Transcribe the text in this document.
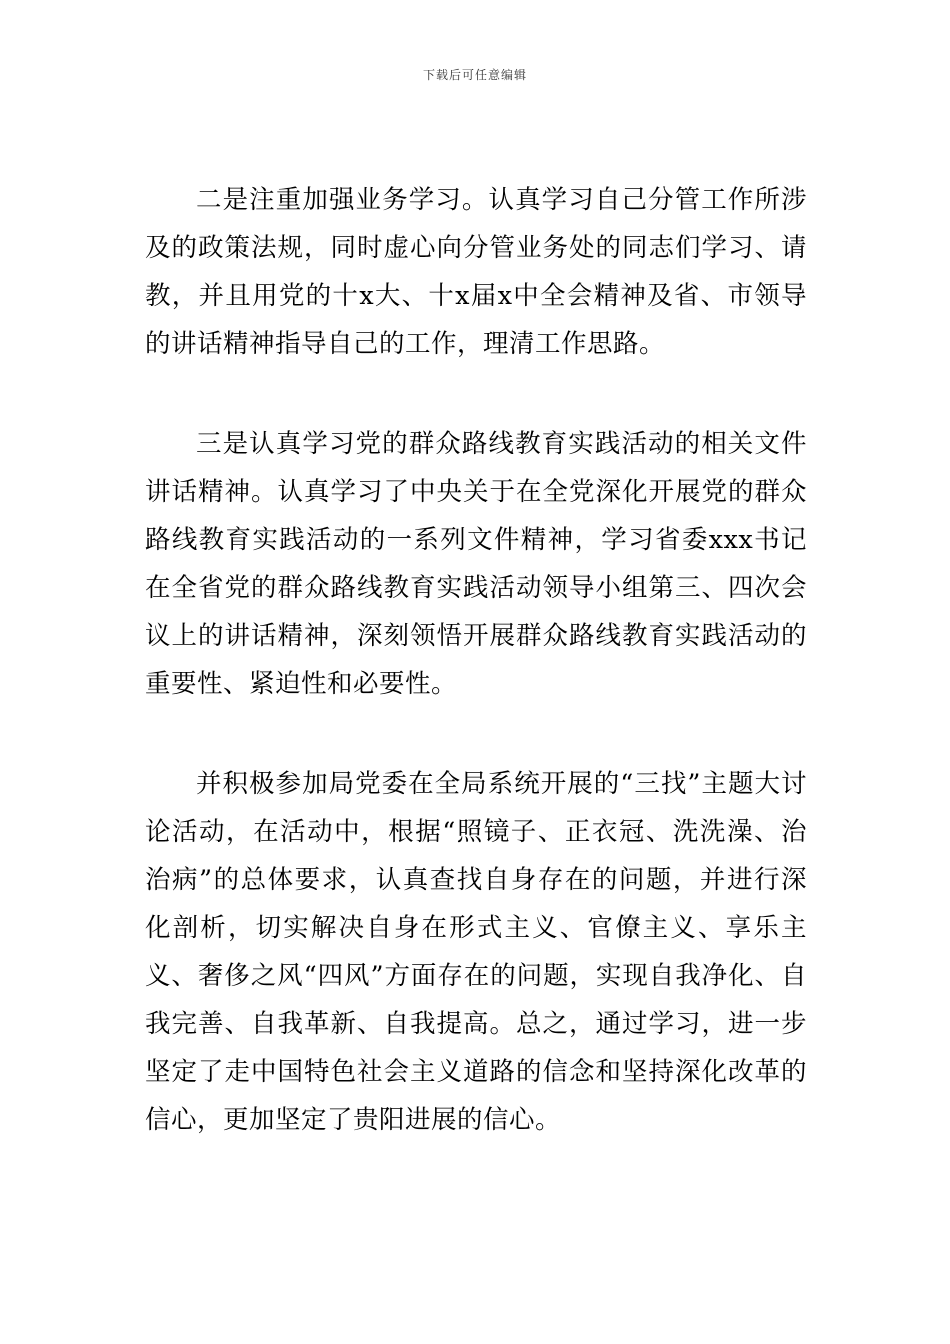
下载后可任意编辑

二是注重加强业务学习。认真学习自己分管工作所涉及的政策法规，同时虚心向分管业务处的同志们学习、请教，并且用党的十x大、十x届x中全会精神及省、市领导的讲话精神指导自己的工作，理清工作思路。

三是认真学习党的群众路线教育实践活动的相关文件讲话精神。认真学习了中央关于在全党深化开展党的群众路线教育实践活动的一系列文件精神，学习省委xxx书记在全省党的群众路线教育实践活动领导小组第三、四次会议上的讲话精神，深刻领悟开展群众路线教育实践活动的重要性、紧迫性和必要性。

并积极参加局党委在全局系统开展的“三找”主题大讨论活动，在活动中，根据“照镜子、正衣冠、洗洗澡、治治病”的总体要求，认真查找自身存在的问题，并进行深化剖析，切实解决自身在形式主义、官僚主义、享乐主义、奢侈之风“四风”方面存在的问题，实现自我净化、自我完善、自我革新、自我提高。总之，通过学习，进一步坚定了走中国特色社会主义道路的信念和坚持深化改革的信心，更加坚定了贵阳进展的信心。
